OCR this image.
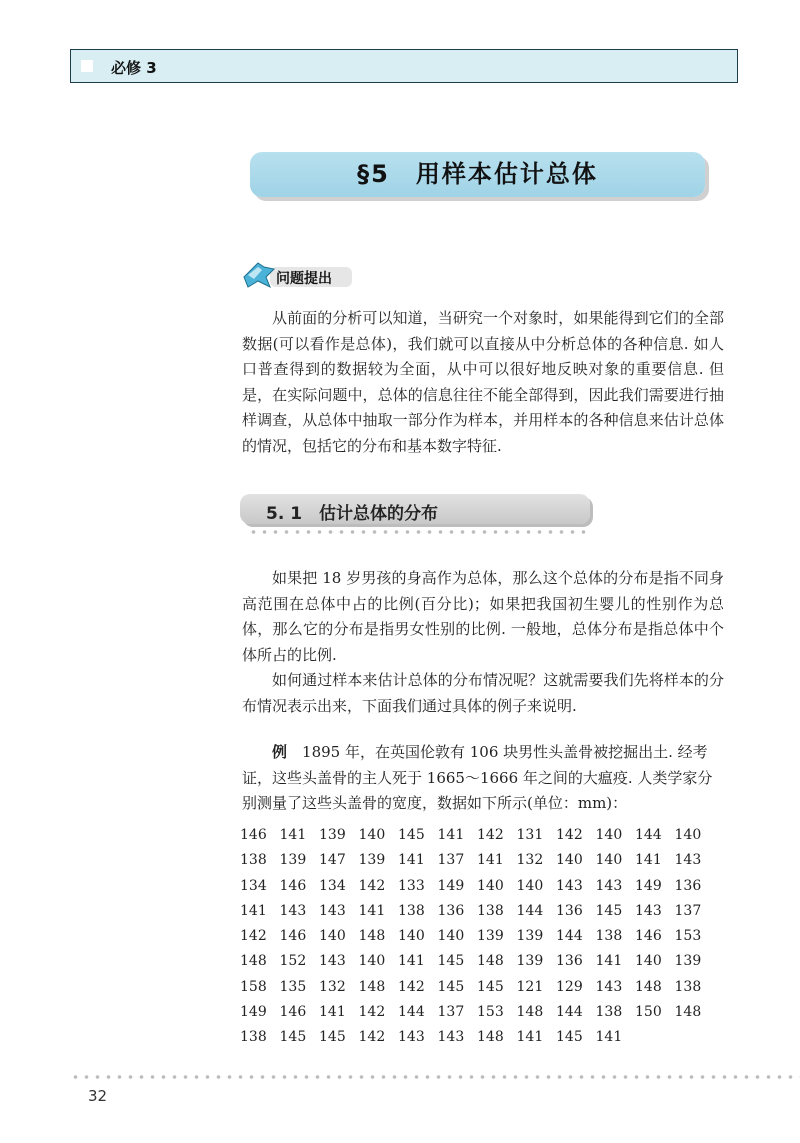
必修 3
§5　用样本估计总体
问题提出

从前面的分析可以知道，当研究一个对象时，如果能得到它们的全部数据(可以看作是总体)，我们就可以直接从中分析总体的各种信息. 如人口普查得到的数据较为全面，从中可以很好地反映对象的重要信息. 但是，在实际问题中，总体的信息往往不能全部得到，因此我们需要进行抽样调查，从总体中抽取一部分作为样本，并用样本的各种信息来估计总体的情况，包括它的分布和基本数字特征.

5. 1　估计总体的分布

如果把 18 岁男孩的身高作为总体，那么这个总体的分布是指不同身高范围在总体中占的比例(百分比)；如果把我国初生婴儿的性别作为总体，那么它的分布是指男女性别的比例. 一般地，总体分布是指总体中个体所占的比例.

如何通过样本来估计总体的分布情况呢？这就需要我们先将样本的分布情况表示出来，下面我们通过具体的例子来说明.

例　 1895 年，在英国伦敦有 106 块男性头盖骨被挖掘出土. 经考证，这些头盖骨的主人死于 1665～1666 年之间的大瘟疫. 人类学家分别测量了这些头盖骨的宽度，数据如下所示(单位：mm)：

146 141 139 140 145 141 142 131 142 140 144 140
138 139 147 139 141 137 141 132 140 140 141 143
134 146 134 142 133 149 140 140 143 143 149 136
141 143 143 141 138 136 138 144 136 145 143 137
142 146 140 148 140 140 139 139 144 138 146 153
148 152 143 140 141 145 148 139 136 141 140 139
158 135 132 148 142 145 145 121 129 143 148 138
149 146 141 142 144 137 153 148 144 138 150 148
138 145 145 142 143 143 148 141 145 141
32
